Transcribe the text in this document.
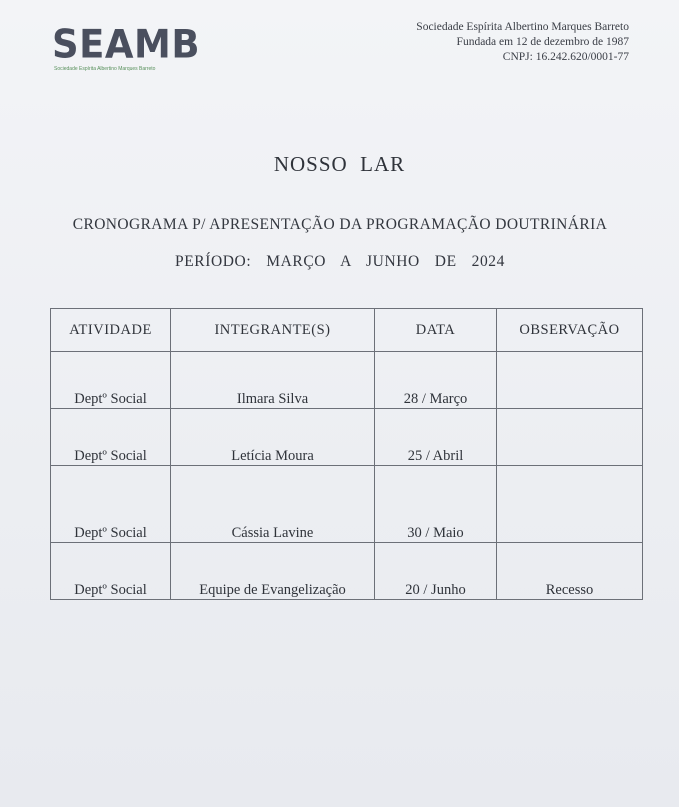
SEAMB
Sociedade Espírita Albertino Marques Barreto
Sociedade Espírita Albertino Marques Barreto
Fundada em 12 de dezembro de 1987
CNPJ: 16.242.620/0001-77
NOSSO  LAR
CRONOGRAMA P/ APRESENTAÇÃO DA PROGRAMAÇÃO DOUTRINÁRIA
PERÍODO:  MARÇO  A  JUNHO  DE  2024
ATIVIDADE	INTEGRANTE(S)	DATA	OBSERVAÇÃO
Deptº Social	Ilmara Silva	28 / Março	
Deptº Social	Letícia Moura	25 / Abril	
Deptº Social	Cássia Lavine	30 / Maio	
Deptº Social	Equipe de Evangelização	20 / Junho	Recesso
